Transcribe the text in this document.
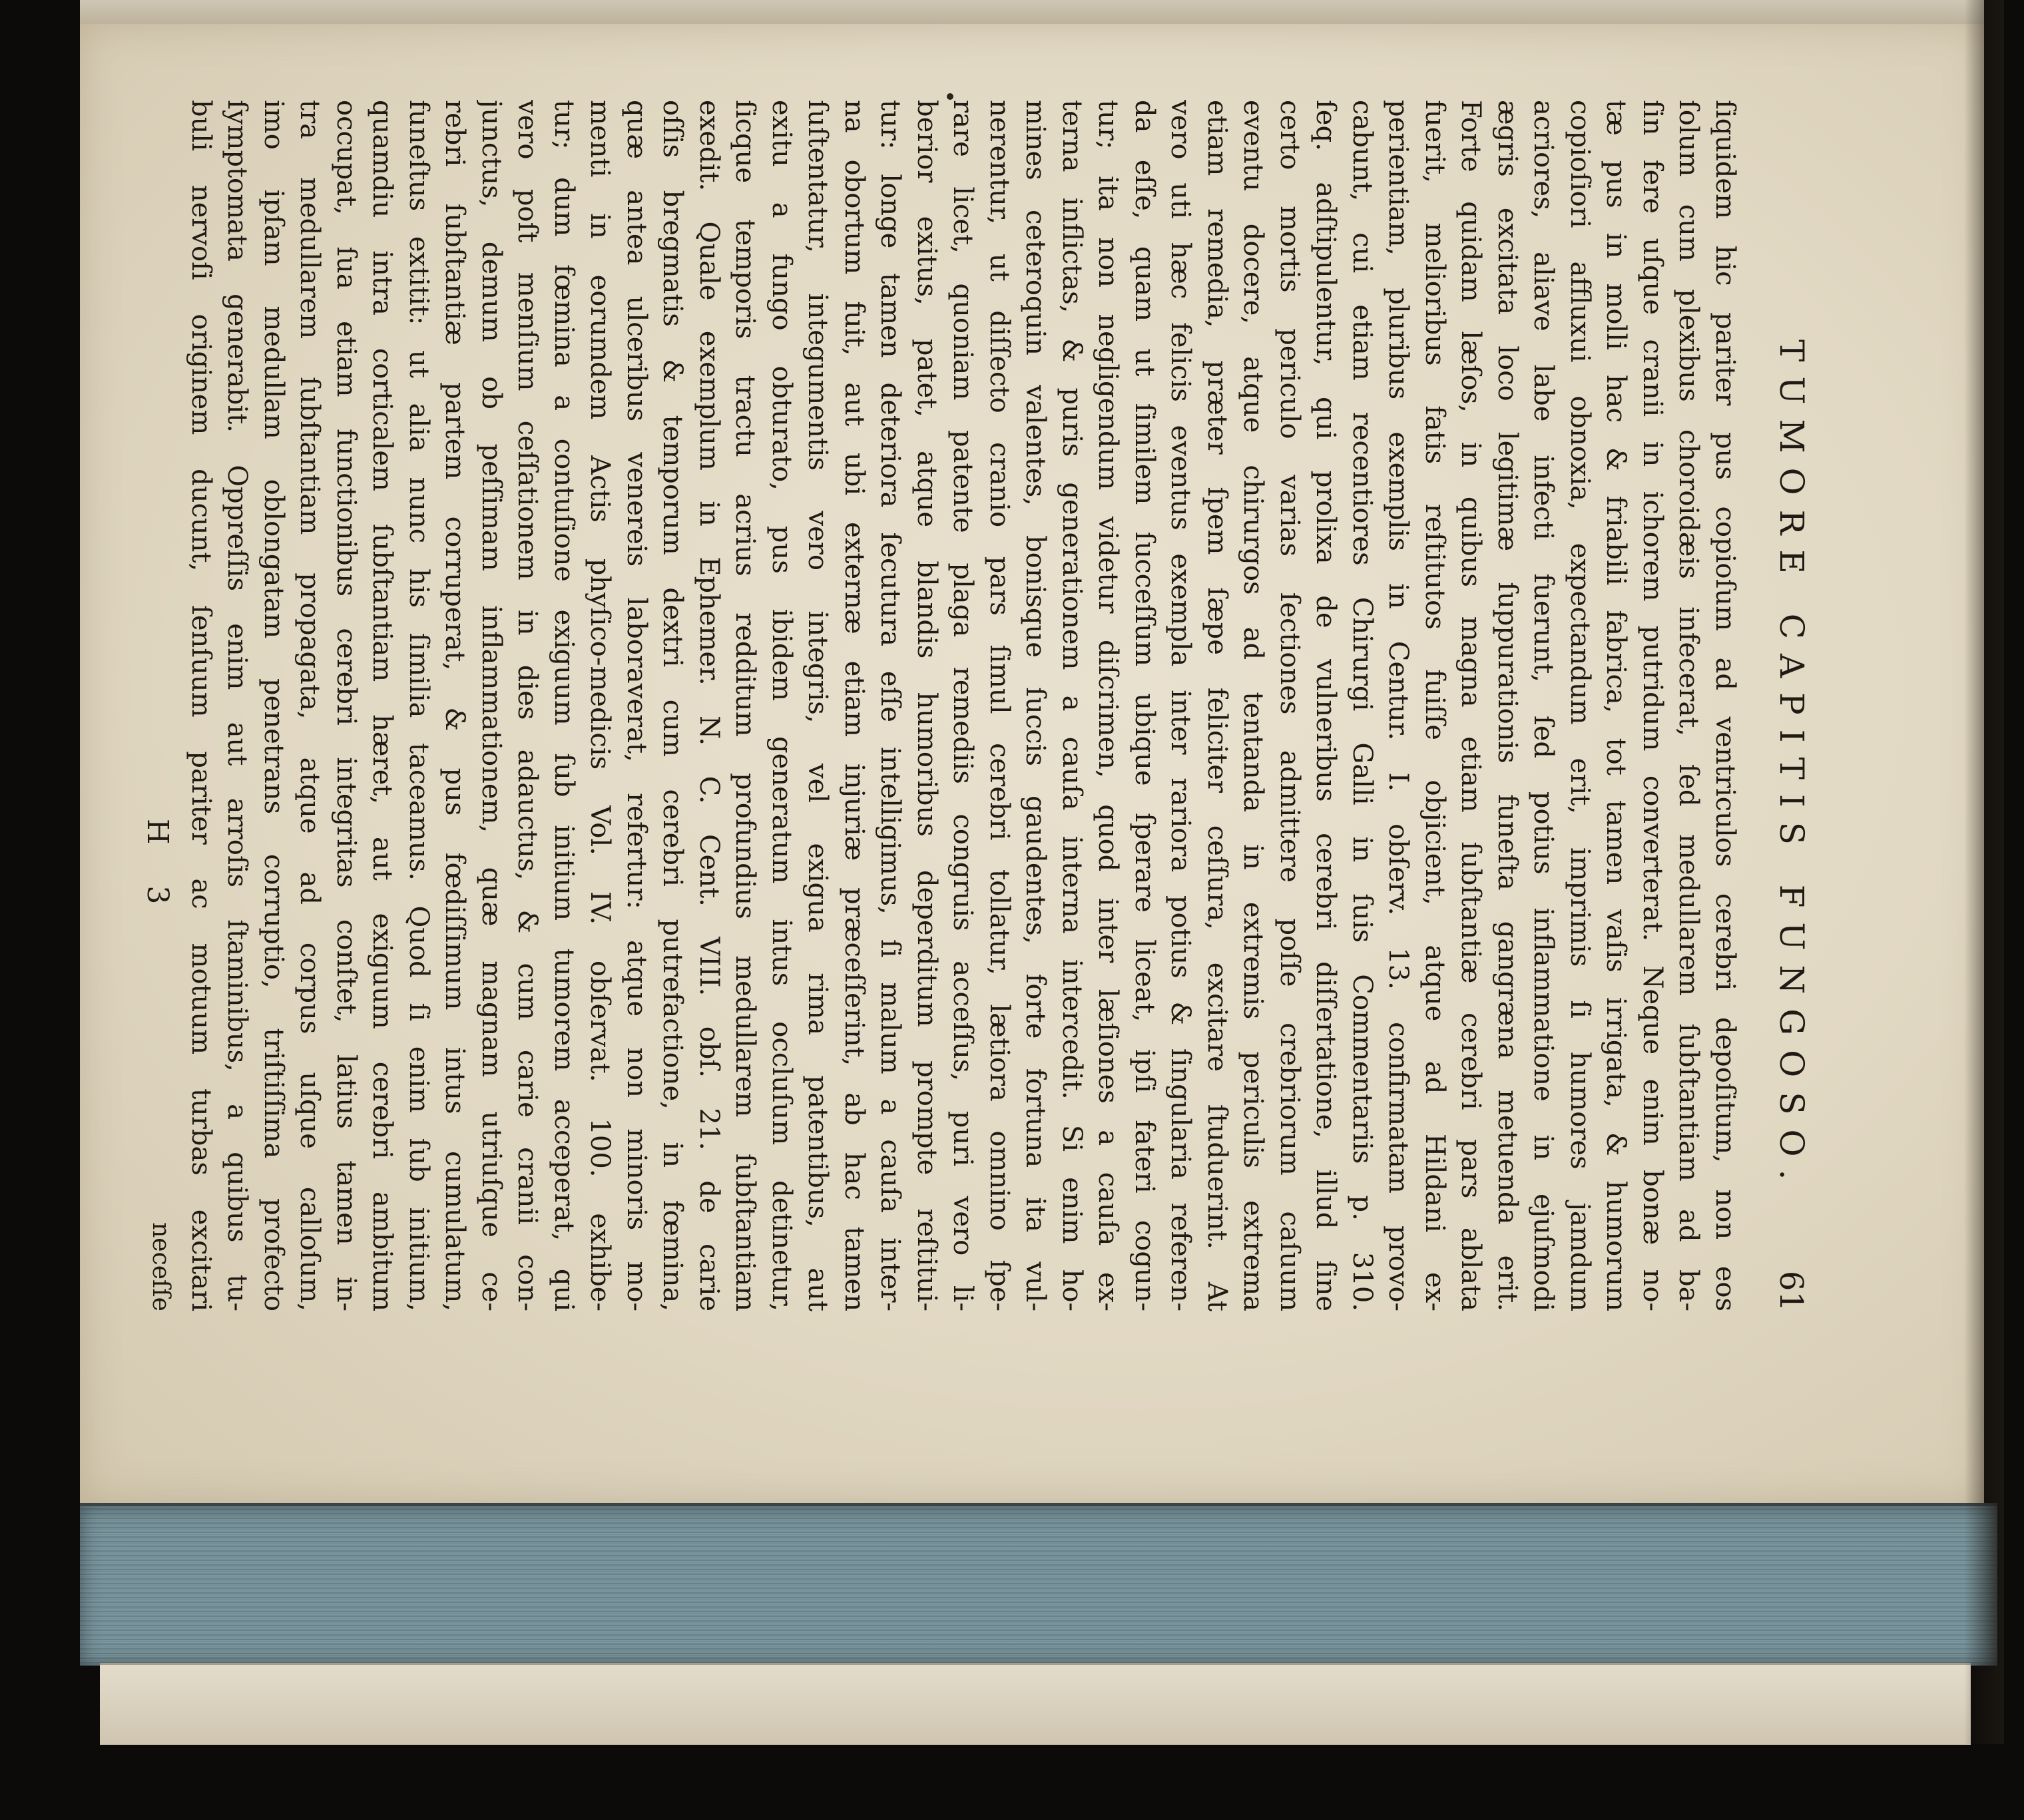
TUMORE CAPITIS FUNGOSO.
61
ſiquidem hic pariter pus copioſum ad ventriculos cerebri depoſitum, non eos
ſolum cum plexibus choroidæis infecerat, ſed medullarem ſubſtantiam ad ba-
ſin fere uſque cranii in ichorem putridum converterat. Neque enim bonæ no-
tæ pus in molli hac & friabili fabrica, tot tamen vaſis irrigata, & humorum
copioſiori affluxui obnoxia, expectandum erit, imprimis ſi humores jamdum
acriores, aliave labe infecti fuerunt, ſed potius inflammatione in ejuſmodi
ægris excitata loco legitimæ ſuppurationis funeſta gangræna metuenda erit.
Forte quidam læſos, in quibus magna etiam ſubſtantiæ cerebri pars ablata
fuerit, melioribus fatis reſtitutos fuiſſe objicient, atque ad Hildani ex-
perientiam, pluribus exemplis in Centur. I. obſerv. 13. confirmatam provo-
cabunt, cui etiam recentiores Chirurgi Galli in ſuis Commentariis p. 310.
ſeq. adſtipulentur, qui prolixa de vulneribus cerebri diſſertatione, illud ſine
certo mortis periculo varias ſectiones admittere poſſe crebriorum caſuum
eventu docere, atque chirurgos ad tentanda in extremis periculis extrema
etiam remedia, præter ſpem ſæpe feliciter ceſſura, excitare ſtuduerint. At
vero uti hæc felicis eventus exempla inter rariora potius & ſingularia referen-
da eſſe, quam ut ſimilem ſucceſſum ubique ſperare liceat, ipſi fateri cogun-
tur; ita non negligendum videtur diſcrimen, quod inter læſiones a cauſa ex-
terna inflictas, & puris generationem a cauſa interna intercedit. Si enim ho-
mines ceteroquin valentes, bonisque ſuccis gaudentes, forte fortuna ita vul-
nerentur, ut diſſecto cranio pars ſimul cerebri tollatur, lætiora omnino ſpe-
rare licet, quoniam patente plaga remediis congruis acceſſus, puri vero li-
berior exitus, patet, atque blandis humoribus deperditum prompte reſtitui-
tur: longe tamen deteriora ſecutura eſſe intelligimus, ſi malum a cauſa inter-
na obortum fuit, aut ubi externæ etiam injuriæ præceſſerint, ab hac tamen
ſuſtentatur, integumentis vero integris, vel exigua rima patentibus, aut
exitu a fungo obturato, pus ibidem generatum intus occluſum detinetur,
ſicque temporis tractu acrius redditum profundius medullarem ſubſtantiam
exedit. Quale exemplum in Ephemer. N. C. Cent. VIII. obſ. 21. de carie
oſſis bregmatis & temporum dextri cum cerebri putrefactione, in fœmina,
quæ antea ulceribus venereis laboraverat, refertur: atque non minoris mo-
menti in eorumdem Actis phyſico-medicis Vol. IV. obſervat. 100. exhibe-
tur; dum fœmina a contuſione exiguum ſub initium tumorem acceperat, qui
vero poſt menſium ceſſationem in dies adauctus, & cum carie cranii con-
junctus, demum ob peſſimam inflammationem, quæ magnam utriuſque ce-
rebri ſubſtantiæ partem corruperat, & pus fœdiſſimum intus cumulatum,
funeſtus extitit: ut alia nunc his ſimilia taceamus. Quod ſi enim ſub initium,
quamdiu intra corticalem ſubſtantiam hæret, aut exiguum cerebri ambitum
occupat, ſua etiam functionibus cerebri integritas conſtet, latius tamen in-
tra medullarem ſubſtantiam propagata, atque ad corpus uſque calloſum,
imo ipſam medullam oblongatam penetrans corruptio, triſtiſſima profecto
ſymptomata generabit. Oppreſſis enim aut arroſis ſtaminibus, a quibus tu-
buli nervoſi originem ducunt, ſenſuum pariter ac motuum turbas excitari
H 3
neceſſe
